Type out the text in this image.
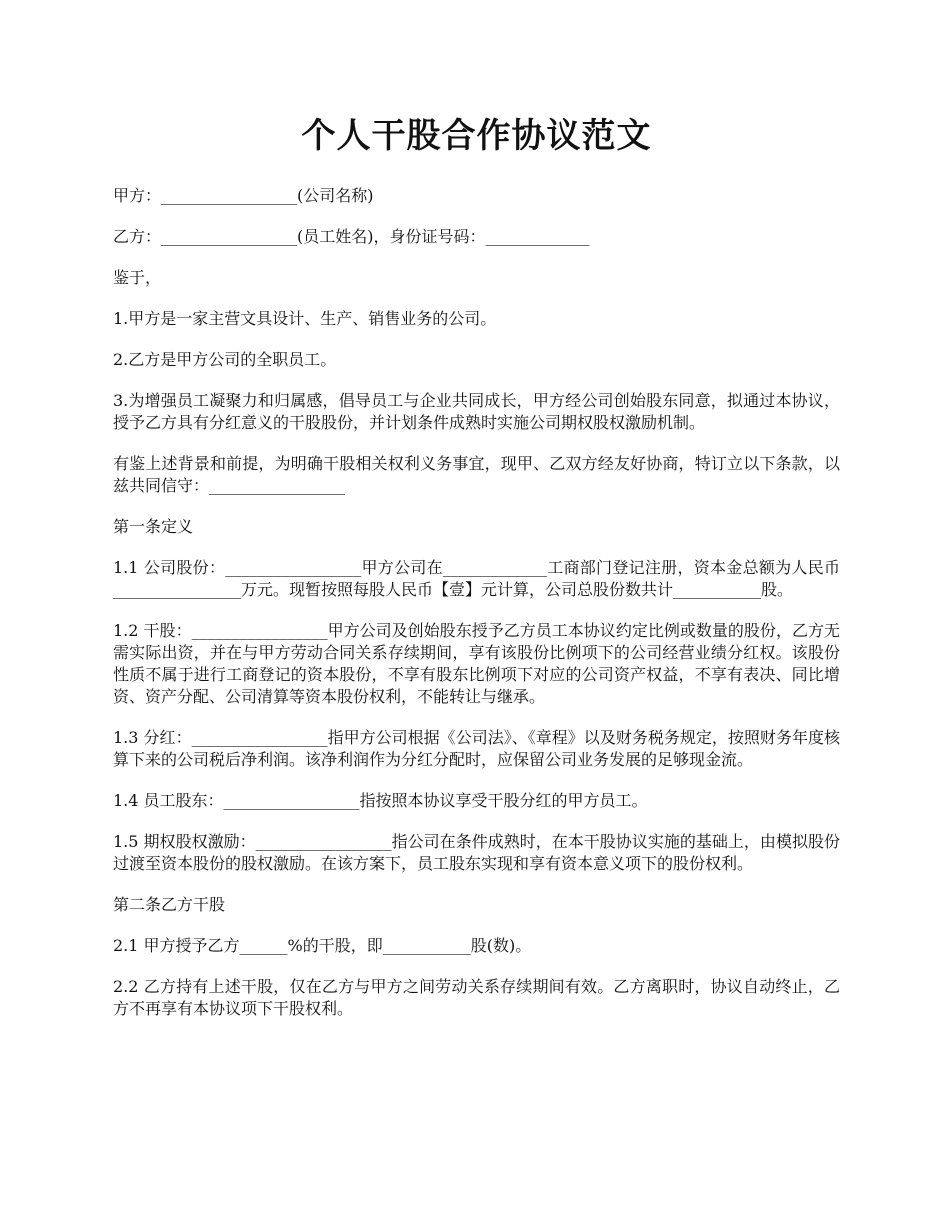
个人干股合作协议范文

甲方：_________________(公司名称)

乙方：_________________(员工姓名)，身份证号码：_____________

鉴于，

1.甲方是一家主营文具设计、生产、销售业务的公司。

2.乙方是甲方公司的全职员工。

3.为增强员工凝聚力和归属感，倡导员工与企业共同成长，甲方经公司创始股东同意，拟通过本协议，授予乙方具有分红意义的干股股份，并计划条件成熟时实施公司期权股权激励机制。

有鉴上述背景和前提，为明确干股相关权利义务事宜，现甲、乙双方经友好协商，特订立以下条款，以兹共同信守：_________________

第一条定义

1.1 公司股份：_________________甲方公司在_____________工商部门登记注册，资本金总额为人民币________________万元。现暂按照每股人民币【壹】元计算，公司总股份数共计___________股。

1.2 干股：_________________甲方公司及创始股东授予乙方员工本协议约定比例或数量的股份，乙方无需实际出资，并在与甲方劳动合同关系存续期间，享有该股份比例项下的公司经营业绩分红权。该股份性质不属于进行工商登记的资本股份，不享有股东比例项下对应的公司资产权益，不享有表决、同比增资、资产分配、公司清算等资本股份权利，不能转让与继承。

1.3 分红：_________________指甲方公司根据《公司法》、《章程》以及财务税务规定，按照财务年度核算下来的公司税后净利润。该净利润作为分红分配时，应保留公司业务发展的足够现金流。

1.4 员工股东：_________________指按照本协议享受干股分红的甲方员工。

1.5 期权股权激励：_________________指公司在条件成熟时，在本干股协议实施的基础上，由模拟股份过渡至资本股份的股权激励。在该方案下，员工股东实现和享有资本意义项下的股份权利。

第二条乙方干股

2.1 甲方授予乙方______%的干股，即___________股(数)。

2.2 乙方持有上述干股，仅在乙方与甲方之间劳动关系存续期间有效。乙方离职时，协议自动终止，乙方不再享有本协议项下干股权利。
